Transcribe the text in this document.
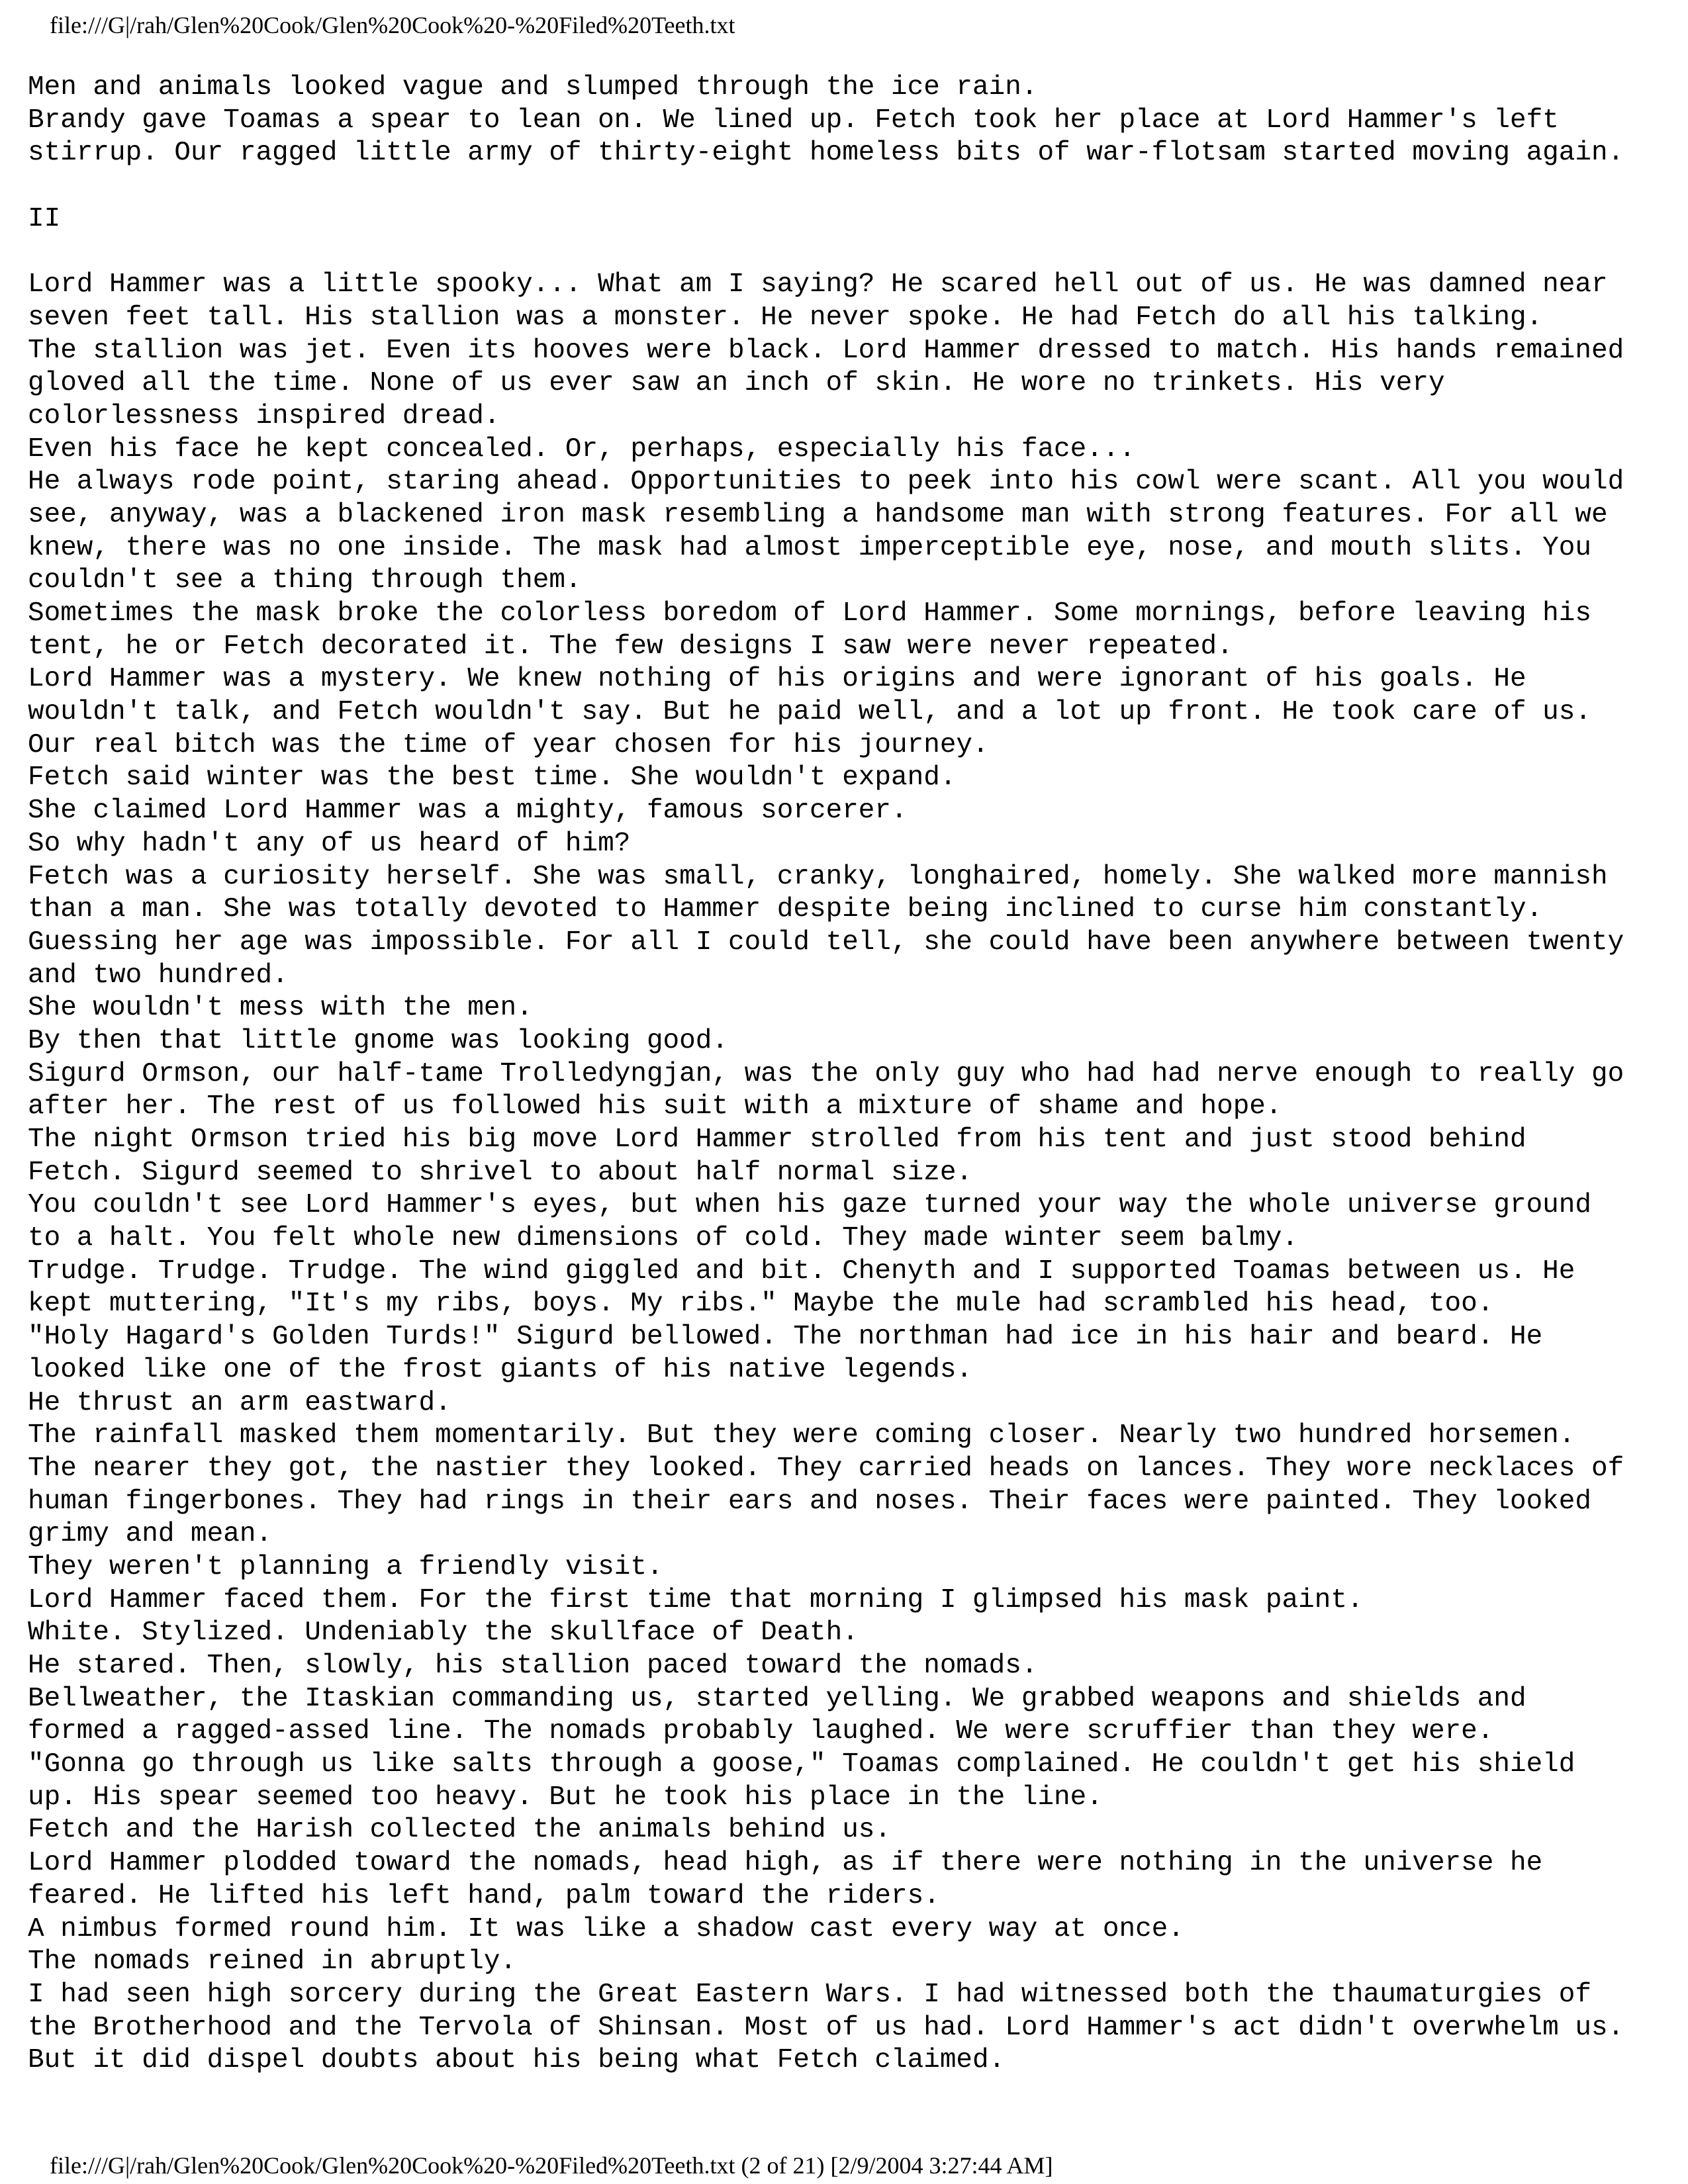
file:///G|/rah/Glen%20Cook/Glen%20Cook%20-%20Filed%20Teeth.txt
Men and animals looked vague and slumped through the ice rain.
Brandy gave Toamas a spear to lean on. We lined up. Fetch took her place at Lord Hammer's left
stirrup. Our ragged little army of thirty-eight homeless bits of war-flotsam started moving again.
II
Lord Hammer was a little spooky... What am I saying? He scared hell out of us. He was damned near
seven feet tall. His stallion was a monster. He never spoke. He had Fetch do all his talking.
The stallion was jet. Even its hooves were black. Lord Hammer dressed to match. His hands remained
gloved all the time. None of us ever saw an inch of skin. He wore no trinkets. His very
colorlessness inspired dread.
Even his face he kept concealed. Or, perhaps, especially his face...
He always rode point, staring ahead. Opportunities to peek into his cowl were scant. All you would
see, anyway, was a blackened iron mask resembling a handsome man with strong features. For all we
knew, there was no one inside. The mask had almost imperceptible eye, nose, and mouth slits. You
couldn't see a thing through them.
Sometimes the mask broke the colorless boredom of Lord Hammer. Some mornings, before leaving his
tent, he or Fetch decorated it. The few designs I saw were never repeated.
Lord Hammer was a mystery. We knew nothing of his origins and were ignorant of his goals. He
wouldn't talk, and Fetch wouldn't say. But he paid well, and a lot up front. He took care of us.
Our real bitch was the time of year chosen for his journey.
Fetch said winter was the best time. She wouldn't expand.
She claimed Lord Hammer was a mighty, famous sorcerer.
So why hadn't any of us heard of him?
Fetch was a curiosity herself. She was small, cranky, longhaired, homely. She walked more mannish
than a man. She was totally devoted to Hammer despite being inclined to curse him constantly.
Guessing her age was impossible. For all I could tell, she could have been anywhere between twenty
and two hundred.
She wouldn't mess with the men.
By then that little gnome was looking good.
Sigurd Ormson, our half-tame Trolledyngjan, was the only guy who had had nerve enough to really go
after her. The rest of us followed his suit with a mixture of shame and hope.
The night Ormson tried his big move Lord Hammer strolled from his tent and just stood behind
Fetch. Sigurd seemed to shrivel to about half normal size.
You couldn't see Lord Hammer's eyes, but when his gaze turned your way the whole universe ground
to a halt. You felt whole new dimensions of cold. They made winter seem balmy.
Trudge. Trudge. Trudge. The wind giggled and bit. Chenyth and I supported Toamas between us. He
kept muttering, "It's my ribs, boys. My ribs." Maybe the mule had scrambled his head, too.
"Holy Hagard's Golden Turds!" Sigurd bellowed. The northman had ice in his hair and beard. He
looked like one of the frost giants of his native legends.
He thrust an arm eastward.
The rainfall masked them momentarily. But they were coming closer. Nearly two hundred horsemen.
The nearer they got, the nastier they looked. They carried heads on lances. They wore necklaces of
human fingerbones. They had rings in their ears and noses. Their faces were painted. They looked
grimy and mean.
They weren't planning a friendly visit.
Lord Hammer faced them. For the first time that morning I glimpsed his mask paint.
White. Stylized. Undeniably the skullface of Death.
He stared. Then, slowly, his stallion paced toward the nomads.
Bellweather, the Itaskian commanding us, started yelling. We grabbed weapons and shields and
formed a ragged-assed line. The nomads probably laughed. We were scruffier than they were.
"Gonna go through us like salts through a goose," Toamas complained. He couldn't get his shield
up. His spear seemed too heavy. But he took his place in the line.
Fetch and the Harish collected the animals behind us.
Lord Hammer plodded toward the nomads, head high, as if there were nothing in the universe he
feared. He lifted his left hand, palm toward the riders.
A nimbus formed round him. It was like a shadow cast every way at once.
The nomads reined in abruptly.
I had seen high sorcery during the Great Eastern Wars. I had witnessed both the thaumaturgies of
the Brotherhood and the Tervola of Shinsan. Most of us had. Lord Hammer's act didn't overwhelm us.
But it did dispel doubts about his being what Fetch claimed.
file:///G|/rah/Glen%20Cook/Glen%20Cook%20-%20Filed%20Teeth.txt (2 of 21) [2/9/2004 3:27:44 AM]
